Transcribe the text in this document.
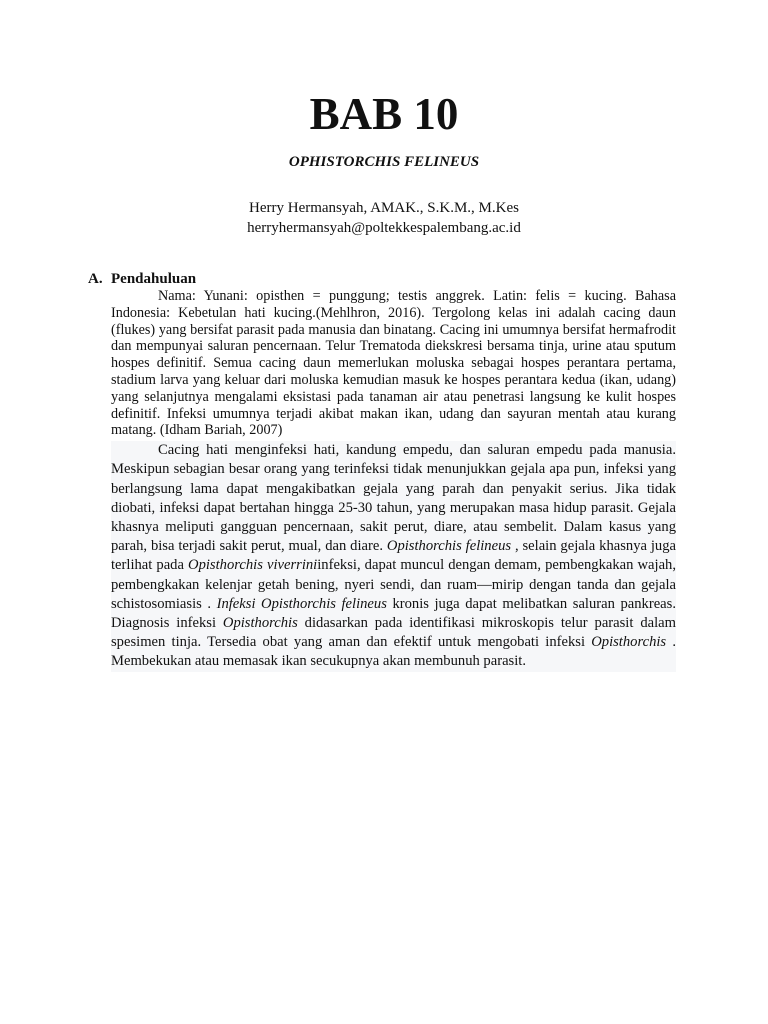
BAB 10

OPHISTORCHIS FELINEUS

Herry Hermansyah, AMAK., S.K.M., M.Kes
herryhermansyah@poltekkespalembang.ac.id

A. Pendahuluan

Nama: Yunani: opisthen = punggung; testis anggrek. Latin: felis = kucing. Bahasa Indonesia: Kebetulan hati kucing.(Mehlhron, 2016). Tergolong kelas ini adalah cacing daun (flukes) yang bersifat parasit pada manusia dan binatang. Cacing ini umumnya bersifat hermafrodit dan mempunyai saluran pencernaan. Telur Trematoda diekskresi bersama tinja, urine atau sputum hospes definitif. Semua cacing daun memerlukan moluska sebagai hospes perantara pertama, stadium larva yang keluar dari moluska kemudian masuk ke hospes perantara kedua (ikan, udang) yang selanjutnya mengalami eksistasi pada tanaman air atau penetrasi langsung ke kulit hospes definitif. Infeksi umumnya terjadi akibat makan ikan, udang dan sayuran mentah atau kurang matang. (Idham Bariah, 2007)

Cacing hati menginfeksi hati, kandung empedu, dan saluran empedu pada manusia. Meskipun sebagian besar orang yang terinfeksi tidak menunjukkan gejala apa pun, infeksi yang berlangsung lama dapat mengakibatkan gejala yang parah dan penyakit serius. Jika tidak diobati, infeksi dapat bertahan hingga 25-30 tahun, yang merupakan masa hidup parasit. Gejala khasnya meliputi gangguan pencernaan, sakit perut, diare, atau sembelit. Dalam kasus yang parah, bisa terjadi sakit perut, mual, dan diare. Opisthorchis felineus , selain gejala khasnya juga terlihat pada Opisthorchis viverriniinfeksi, dapat muncul dengan demam, pembengkakan wajah, pembengkakan kelenjar getah bening, nyeri sendi, dan ruam—mirip dengan tanda dan gejala schistosomiasis . Infeksi Opisthorchis felineus kronis juga dapat melibatkan saluran pankreas. Diagnosis infeksi Opisthorchis didasarkan pada identifikasi mikroskopis telur parasit dalam spesimen tinja. Tersedia obat yang aman dan efektif untuk mengobati infeksi Opisthorchis . Membekukan atau memasak ikan secukupnya akan membunuh parasit.
